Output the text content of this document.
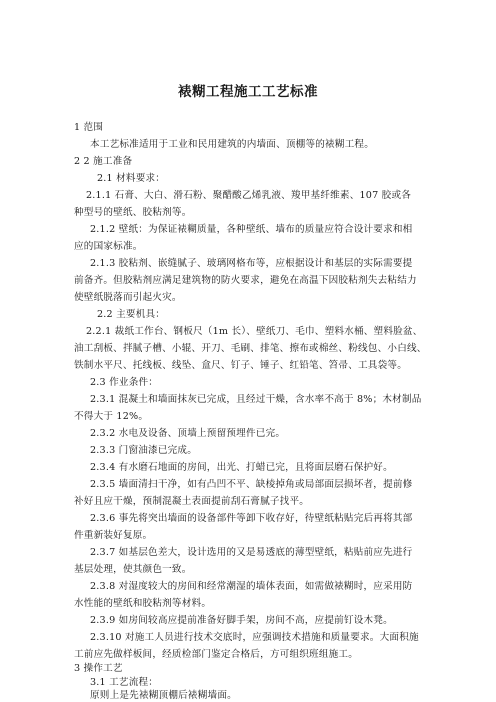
裱糊工程施工工艺标准

1 范围

本工艺标准适用于工业和民用建筑的内墙面、顶棚等的裱糊工程。

2 2 施工准备

2.1 材料要求：

2.1.1 石膏、大白、滑石粉、聚醋酸乙烯乳液、羧甲基纤维素、107 胶或各

种型号的壁纸、胶粘剂等。

2.1.2 壁纸：为保证裱糊质量，各种壁纸、墙布的质量应符合设计要求和相

应的国家标准。

2.1.3 胶粘剂、嵌缝腻子、玻璃网格布等，应根据设计和基层的实际需要提

前备齐。但胶粘剂应满足建筑物的防火要求，避免在高温下因胶粘剂失去粘结力

使壁纸脱落而引起火灾。

2.2 主要机具：

2.2.1 裁纸工作台、钢板尺（1m 长）、壁纸刀、毛巾、塑料水桶、塑料脸盆、

油工刮板、拌腻子槽、小辊、开刀、毛刷、排笔、擦布或棉丝、粉线包、小白线、

铁制水平尺、托线板、线坠、盒尺、钉子、锤子、红铅笔、笤帚、工具袋等。

2.3 作业条件：

2.3.1 混凝土和墙面抹灰已完成，且经过干燥，含水率不高于 8%；木材制品

不得大于 12%。

2.3.2 水电及设备、顶墙上预留预埋件已完。

2.3.3 门窗油漆已完成。

2.3.4 有水磨石地面的房间，出光、打蜡已完，且将面层磨石保护好。

2.3.5 墙面清扫干净，如有凸凹不平、缺棱掉角或局部面层损坏者，提前修

补好且应干燥，预制混凝土表面提前刮石膏腻子找平。

2.3.6 事先将突出墙面的设备部件等卸下收存好，待壁纸粘贴完后再将其部

件重新装好复原。

2.3.7 如基层色差大，设计选用的又是易透底的薄型壁纸，粘贴前应先进行

基层处理，使其颜色一致。

2.3.8 对湿度较大的房间和经常潮湿的墙体表面，如需做裱糊时，应采用防

水性能的壁纸和胶粘剂等材料。

2.3.9 如房间较高应提前准备好脚手架，房间不高，应提前钉设木凳。

2.3.10 对施工人员进行技术交底时，应强调技术措施和质量要求。大面积施

工前应先做样板间，经质检部门鉴定合格后，方可组织班组施工。

3 操作工艺

3.1 工艺流程：

原则上是先裱糊顶棚后裱糊墙面。
